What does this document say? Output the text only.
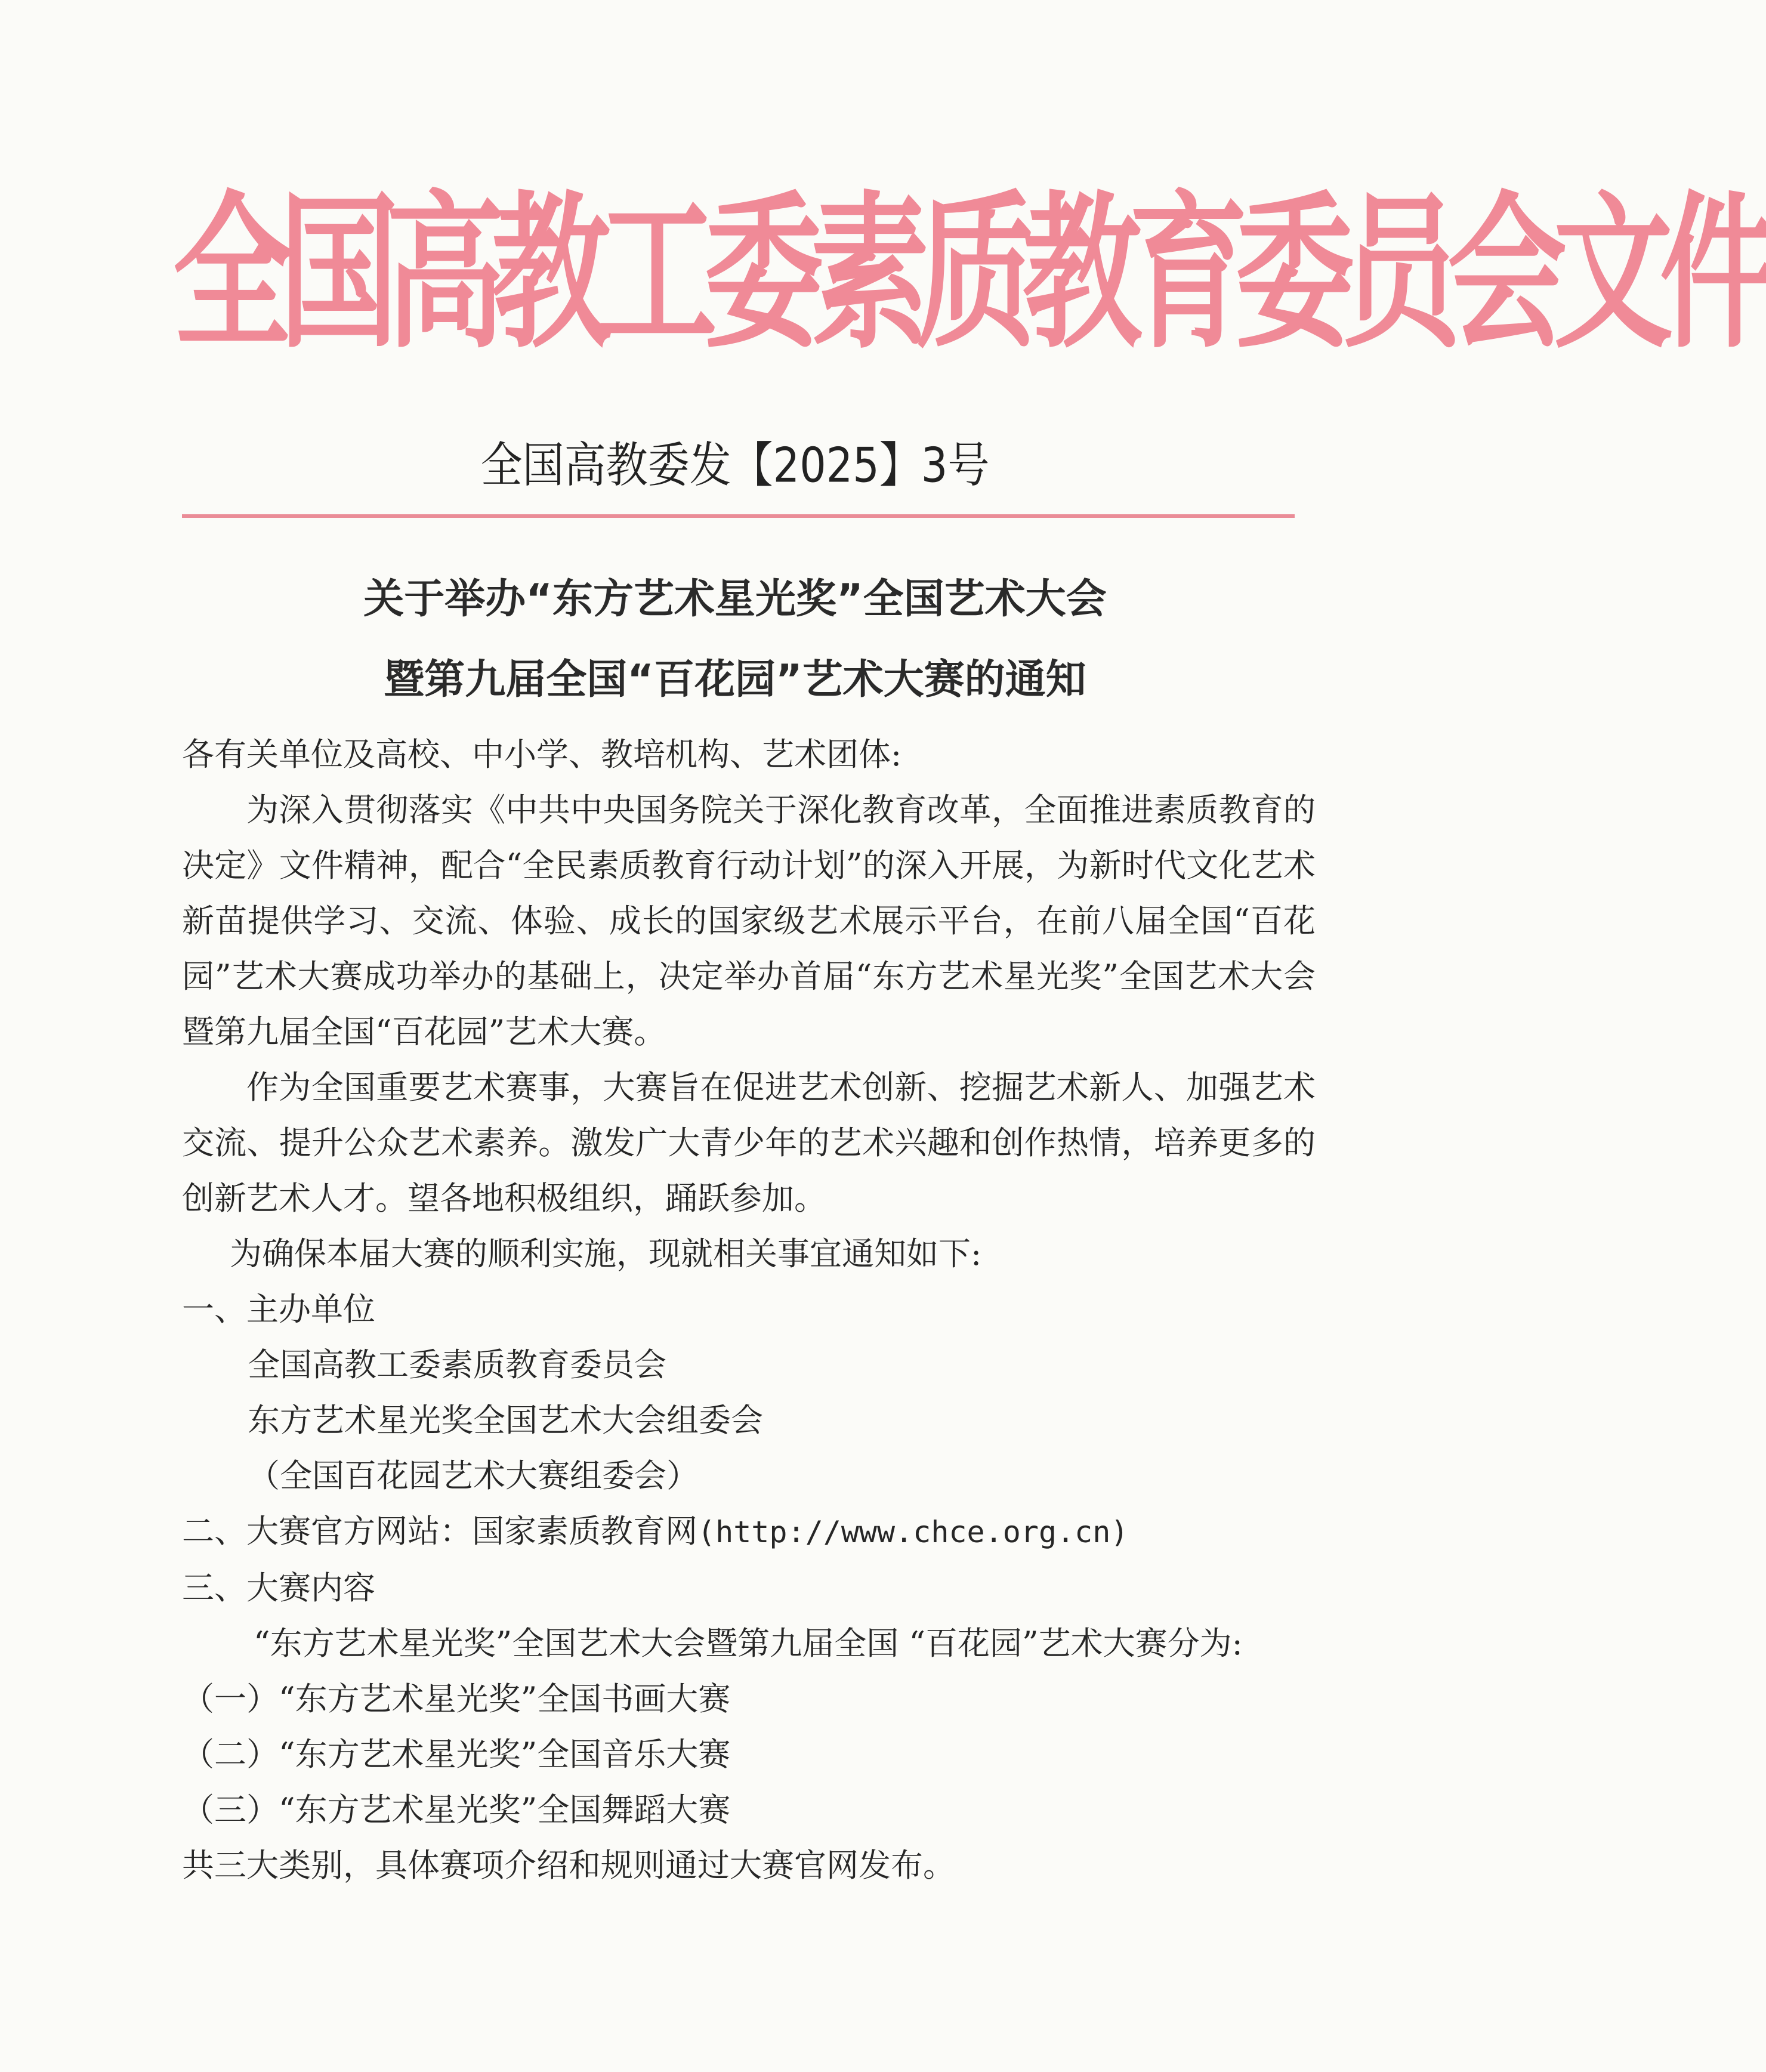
全国高教工委素质教育委员会文件
全国高教委发【2025】3号
关于举办“东方艺术星光奖”全国艺术大会
暨第九届全国“百花园”艺术大赛的通知

各有关单位及高校、中小学、教培机构、艺术团体:

为深入贯彻落实《中共中央国务院关于深化教育改革，全面推进素质教育的决定》文件精神，配合“全民素质教育行动计划”的深入开展，为新时代文化艺术新苗提供学习、交流、体验、成长的国家级艺术展示平台，在前八届全国“百花园”艺术大赛成功举办的基础上，决定举办首届“东方艺术星光奖”全国艺术大会暨第九届全国“百花园”艺术大赛。

作为全国重要艺术赛事，大赛旨在促进艺术创新、挖掘艺术新人、加强艺术交流、提升公众艺术素养。激发广大青少年的艺术兴趣和创作热情，培养更多的创新艺术人才。望各地积极组织，踊跃参加。

为确保本届大赛的顺利实施，现就相关事宜通知如下:

一、主办单位

全国高教工委素质教育委员会

东方艺术星光奖全国艺术大会组委会

（全国百花园艺术大赛组委会）

二、大赛官方网站：国家素质教育网(http://www.chce.org.cn)

三、大赛内容

“东方艺术星光奖”全国艺术大会暨第九届全国 “百花园”艺术大赛分为:

（一）“东方艺术星光奖”全国书画大赛

（二）“东方艺术星光奖”全国音乐大赛

（三）“东方艺术星光奖”全国舞蹈大赛

共三大类别，具体赛项介绍和规则通过大赛官网发布。
